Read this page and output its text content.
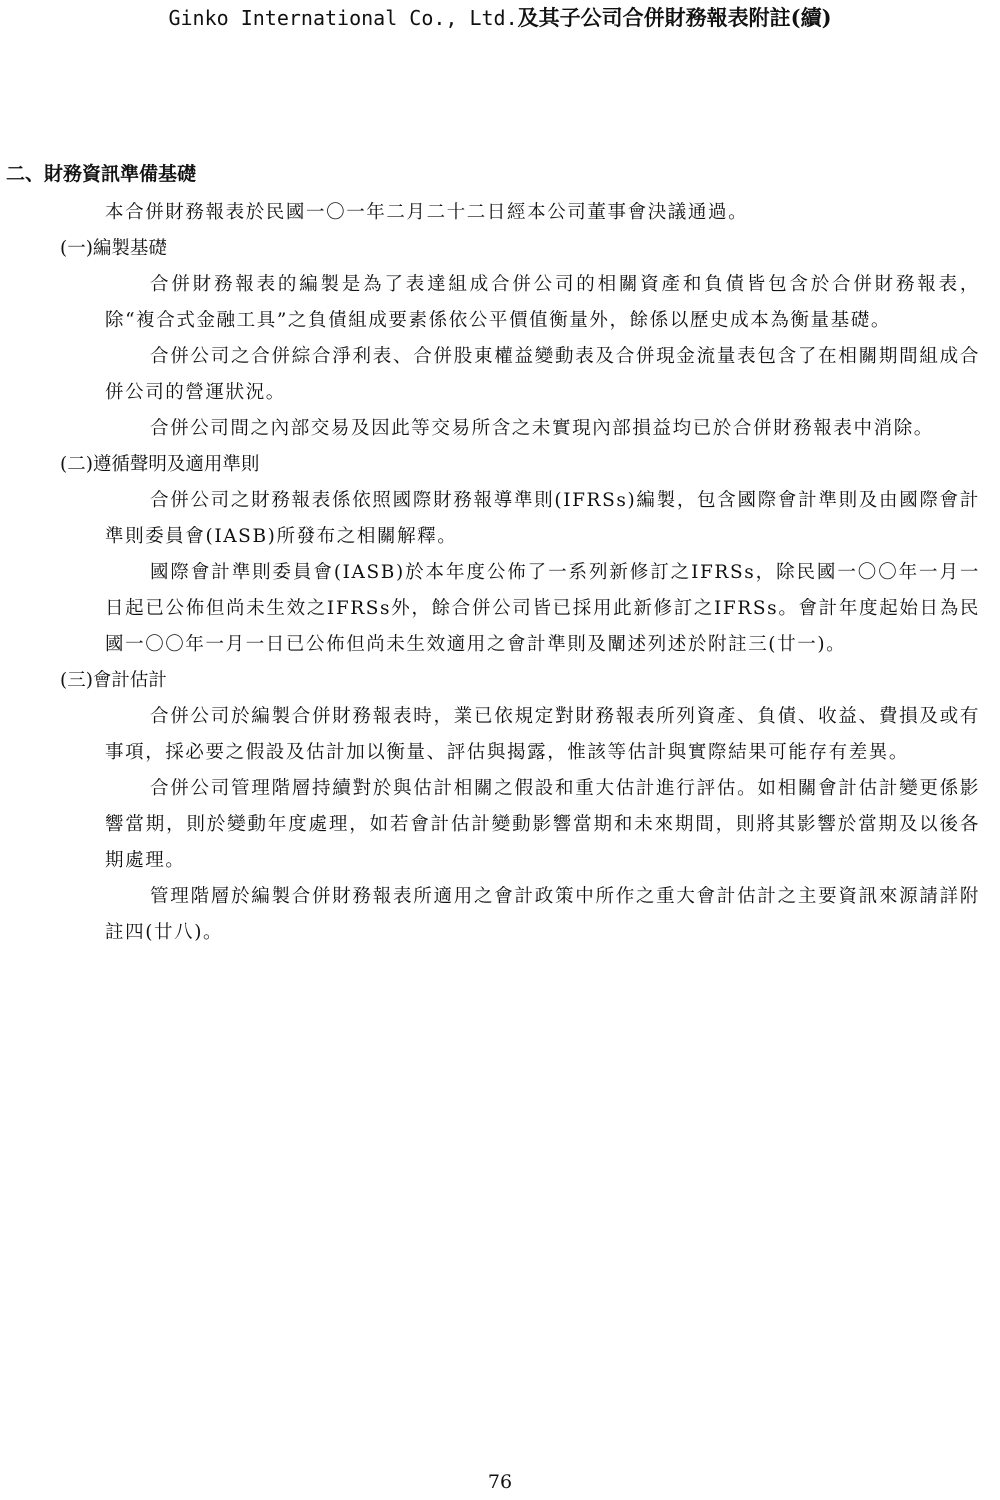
Ginko International Co., Ltd.及其子公司合併財務報表附註(續)
二、財務資訊準備基礎

本合併財務報表於民國一〇一年二月二十二日經本公司董事會決議通過。

(一)編製基礎

合併財務報表的編製是為了表達組成合併公司的相關資產和負債皆包含於合併財務報表，除“複合式金融工具”之負債組成要素係依公平價值衡量外，餘係以歷史成本為衡量基礎。

合併公司之合併綜合淨利表、合併股東權益變動表及合併現金流量表包含了在相關期間組成合併公司的營運狀況。

合併公司間之內部交易及因此等交易所含之未實現內部損益均已於合併財務報表中消除。

(二)遵循聲明及適用準則

合併公司之財務報表係依照國際財務報導準則(IFRSs)編製，包含國際會計準則及由國際會計準則委員會(IASB)所發布之相關解釋。

國際會計準則委員會(IASB)於本年度公佈了一系列新修訂之IFRSs，除民國一〇〇年一月一日起已公佈但尚未生效之IFRSs外，餘合併公司皆已採用此新修訂之IFRSs。會計年度起始日為民國一〇〇年一月一日已公佈但尚未生效適用之會計準則及闡述列述於附註三(廿一)。

(三)會計估計

合併公司於編製合併財務報表時，業已依規定對財務報表所列資產、負債、收益、費損及或有事項，採必要之假設及估計加以衡量、評估與揭露，惟該等估計與實際結果可能存有差異。

合併公司管理階層持續對於與估計相關之假設和重大估計進行評估。如相關會計估計變更係影響當期，則於變動年度處理，如若會計估計變動影響當期和未來期間，則將其影響於當期及以後各期處理。

管理階層於編製合併財務報表所適用之會計政策中所作之重大會計估計之主要資訊來源請詳附註四(廿八)。

76
